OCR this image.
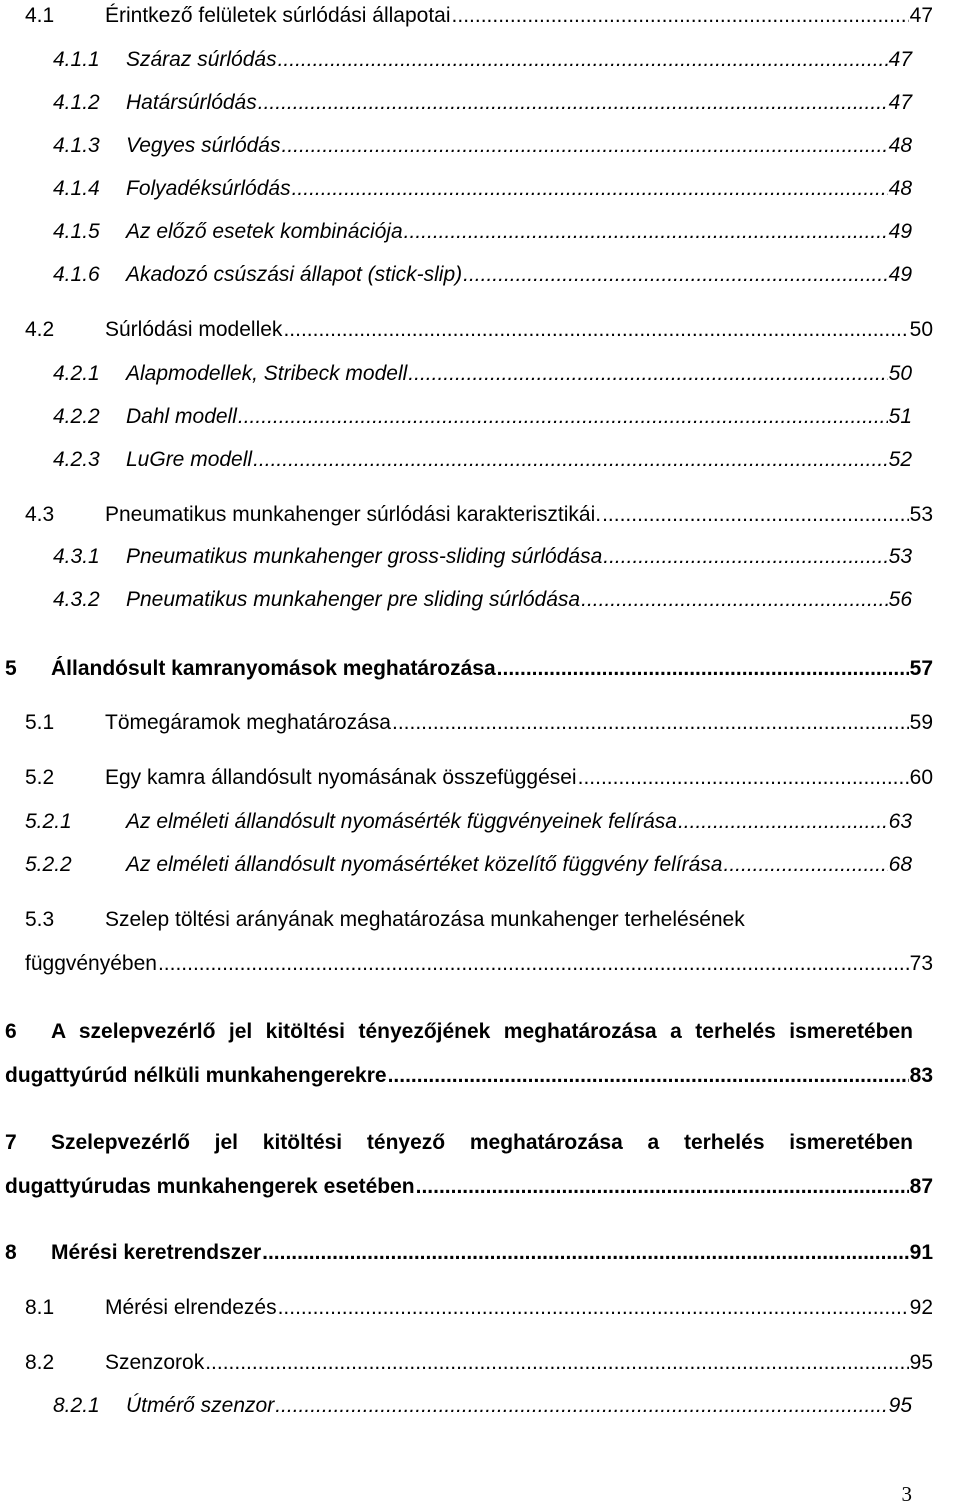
4.1	Érintkező felületek súrlódási állapotai .....	47
4.1.1	Száraz súrlódás .....	47
4.1.2	Határsúrlódás .....	47
4.1.3	Vegyes súrlódás .....	48
4.1.4	Folyadéksúrlódás .....	48
4.1.5	Az előző esetek kombinációja .....	49
4.1.6	Akadozó csúszási állapot (stick-slip) .....	49
4.2	Súrlódási modellek .....	50
4.2.1	Alapmodellek, Stribeck modell .....	50
4.2.2	Dahl modell .....	51
4.2.3	LuGre modell .....	52
4.3	Pneumatikus munkahenger súrlódási karakterisztikái. .....	53
4.3.1	Pneumatikus munkahenger gross-sliding súrlódása .....	53
4.3.2	Pneumatikus munkahenger pre sliding súrlódása .....	56
5	Állandósult kamranyomások meghatározása .....	57
5.1	Tömegáramok meghatározása .....	59
5.2	Egy kamra állandósult nyomásának összefüggései .....	60
5.2.1	Az elméleti állandósult nyomásérték függvényeinek felírása .....	63
5.2.2	Az elméleti állandósult nyomásértéket közelítő függvény felírása .....	68
5.3	Szelep töltési arányának meghatározása munkahenger terhelésének
függvényében .....	73
6 A szelepvezérlő jel kitöltési tényezőjének meghatározása a terhelés ismeretében
dugattyúrúd nélküli munkahengerekre .....	83
7 Szelepvezérlő jel kitöltési tényező meghatározása a terhelés ismeretében
dugattyúrudas munkahengerek esetében .....	87
8	Mérési keretrendszer .....	91
8.1	Mérési elrendezés .....	92
8.2	Szenzorok .....	95
8.2.1	Útmérő szenzor .....	95
3
